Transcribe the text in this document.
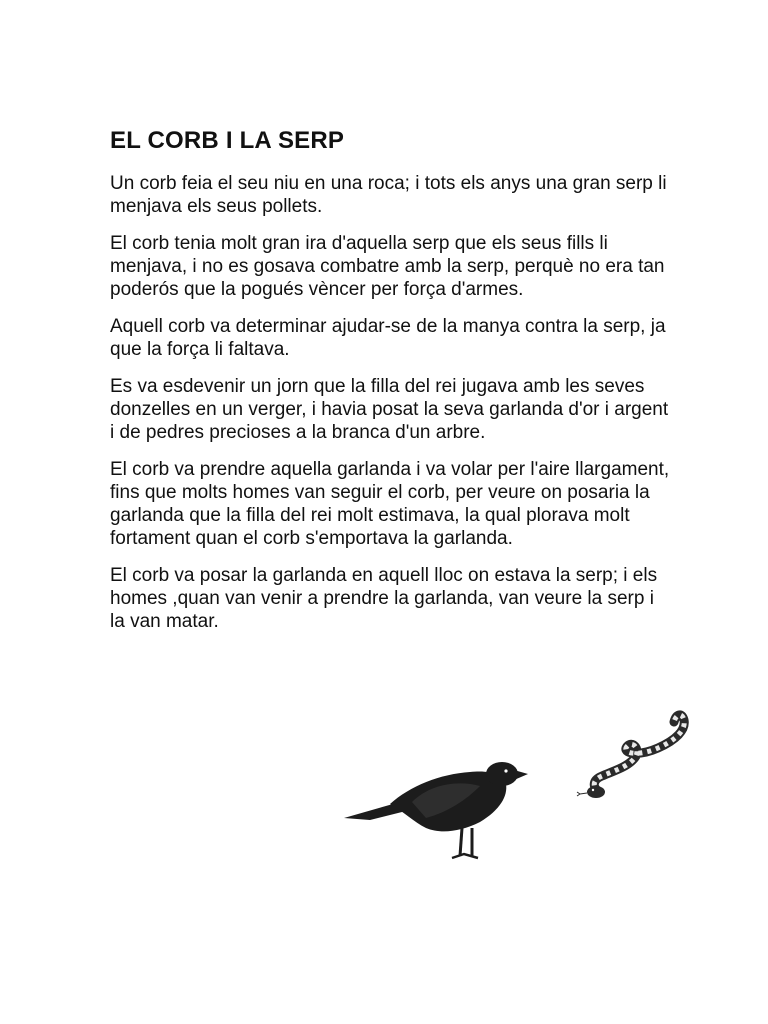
EL CORB I LA SERP

Un corb feia el seu niu en una roca; i tots els anys una gran serp li menjava els seus pollets.

El corb tenia molt gran ira d'aquella serp que els seus fills li menjava, i no es gosava combatre amb la serp, perquè no era tan poderós que la pogués vèncer per força d'armes.

Aquell corb va determinar ajudar-se de la manya contra la serp, ja que la força li faltava.

Es va esdevenir un jorn que la filla del rei jugava amb les seves donzelles en un verger, i havia posat la seva garlanda d'or i argent i de pedres precioses a la branca d'un arbre.

El corb va prendre aquella garlanda i va volar per l'aire llargament, fins que molts homes van seguir el corb, per veure on posaria la garlanda que la filla del rei molt estimava, la qual plorava molt fortament quan el corb s'emportava la garlanda.

El corb va posar la garlanda en aquell lloc on estava la serp; i els homes ,quan van venir a prendre la garlanda, van veure la serp i la van matar.
